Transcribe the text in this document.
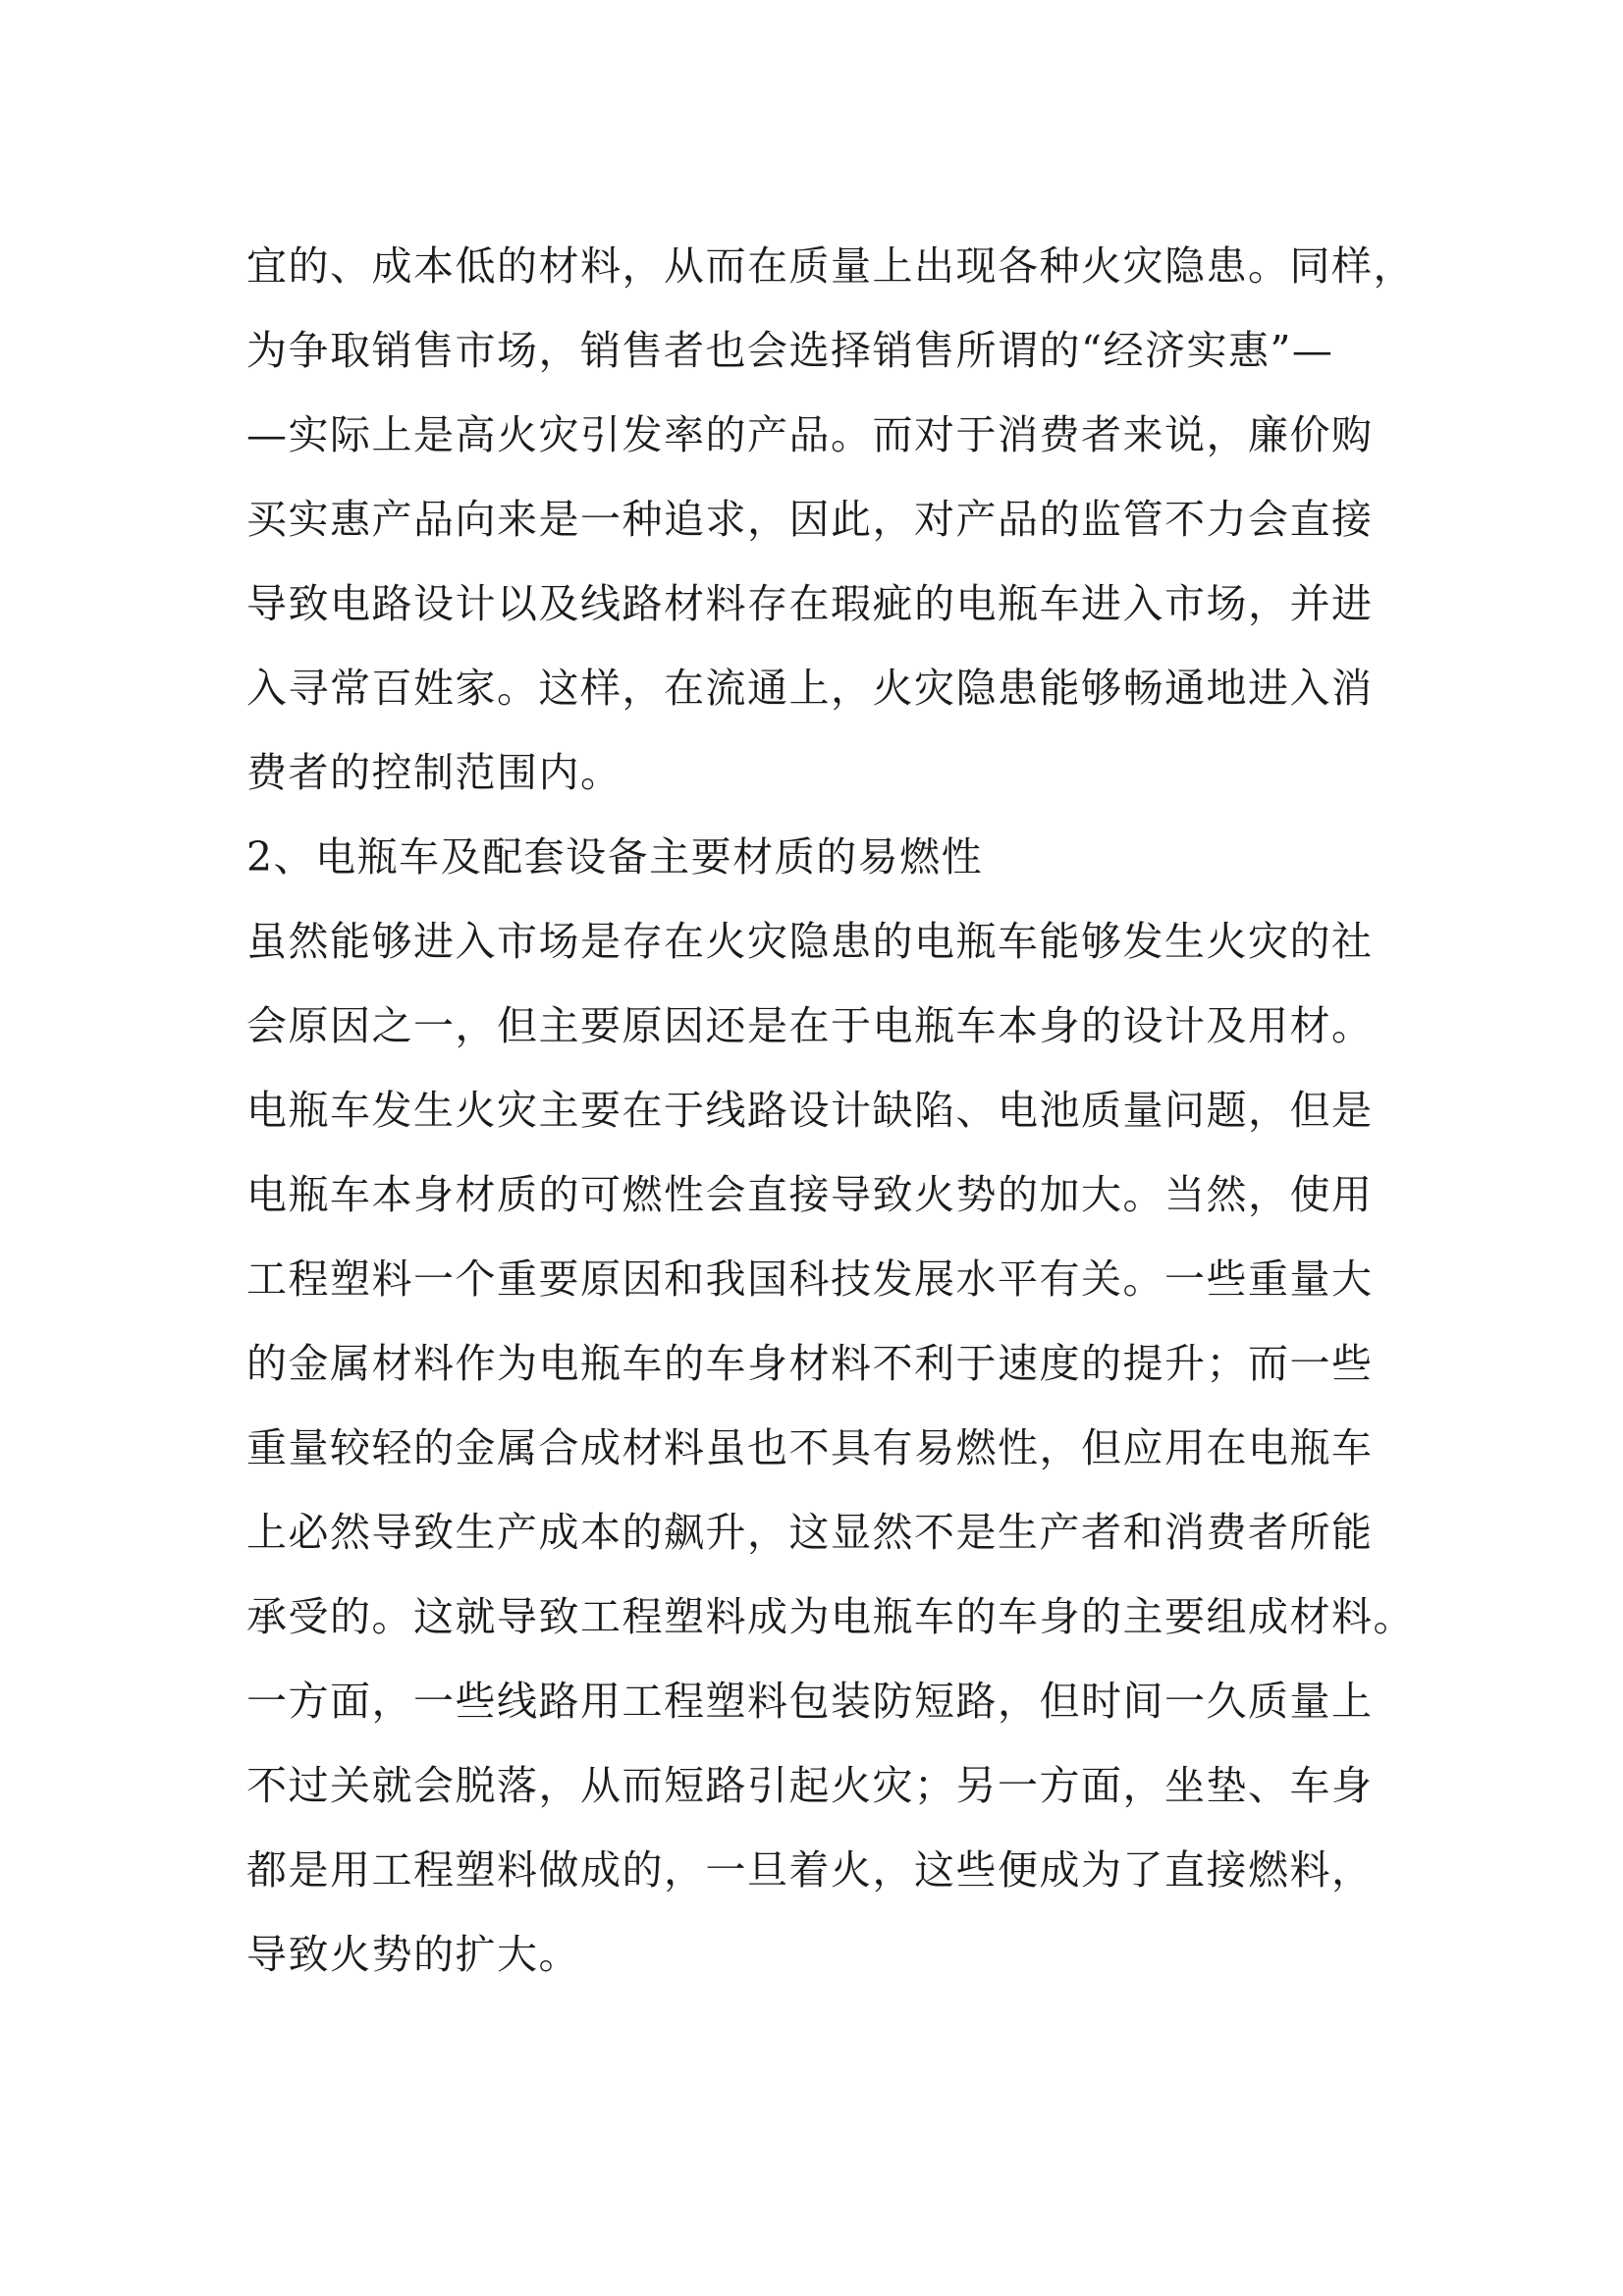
宜的、成本低的材料，从而在质量上出现各种火灾隐患。同样，
为争取销售市场，销售者也会选择销售所谓的“经济实惠”—
—实际上是高火灾引发率的产品。而对于消费者来说，廉价购
买实惠产品向来是一种追求，因此，对产品的监管不力会直接
导致电路设计以及线路材料存在瑕疵的电瓶车进入市场，并进
入寻常百姓家。这样，在流通上，火灾隐患能够畅通地进入消
费者的控制范围内。
2、电瓶车及配套设备主要材质的易燃性
虽然能够进入市场是存在火灾隐患的电瓶车能够发生火灾的社
会原因之一，但主要原因还是在于电瓶车本身的设计及用材。
电瓶车发生火灾主要在于线路设计缺陷、电池质量问题，但是
电瓶车本身材质的可燃性会直接导致火势的加大。当然，使用
工程塑料一个重要原因和我国科技发展水平有关。一些重量大
的金属材料作为电瓶车的车身材料不利于速度的提升；而一些
重量较轻的金属合成材料虽也不具有易燃性，但应用在电瓶车
上必然导致生产成本的飙升，这显然不是生产者和消费者所能
承受的。这就导致工程塑料成为电瓶车的车身的主要组成材料。
一方面，一些线路用工程塑料包装防短路，但时间一久质量上
不过关就会脱落，从而短路引起火灾；另一方面，坐垫、车身
都是用工程塑料做成的，一旦着火，这些便成为了直接燃料，
导致火势的扩大。
